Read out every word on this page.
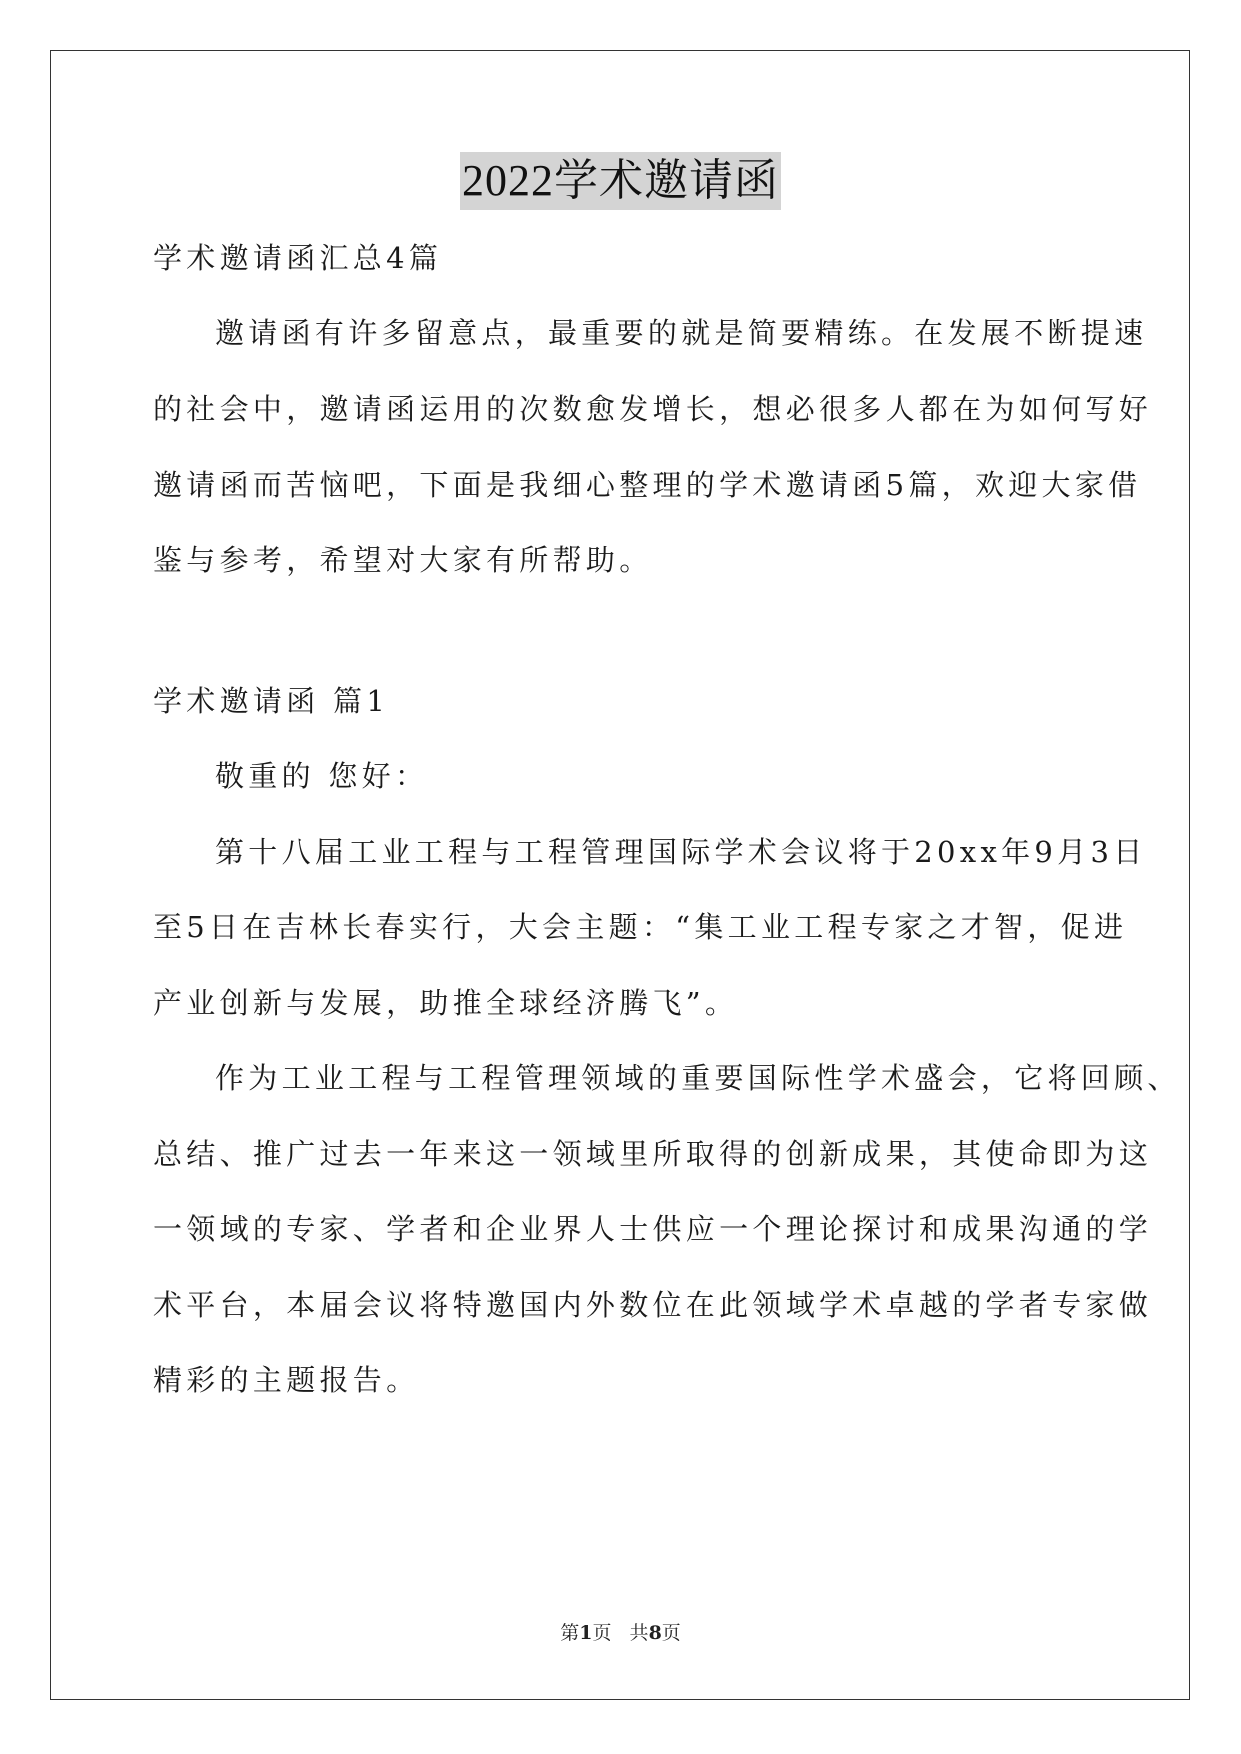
2022学术邀请函
学术邀请函汇总4篇
邀请函有许多留意点，最重要的就是简要精练。在发展不断提速
的社会中，邀请函运用的次数愈发增长，想必很多人都在为如何写好
邀请函而苦恼吧，下面是我细心整理的学术邀请函5篇，欢迎大家借
鉴与参考，希望对大家有所帮助。
学术邀请函 篇1
敬重的 您好：
第十八届工业工程与工程管理国际学术会议将于20xx年9月3日
至5日在吉林长春实行，大会主题：“集工业工程专家之才智，促进
产业创新与发展，助推全球经济腾飞”。
作为工业工程与工程管理领域的重要国际性学术盛会，它将回顾、
总结、推广过去一年来这一领域里所取得的创新成果，其使命即为这
一领域的专家、学者和企业界人士供应一个理论探讨和成果沟通的学
术平台，本届会议将特邀国内外数位在此领域学术卓越的学者专家做
精彩的主题报告。
第1页   共8页
